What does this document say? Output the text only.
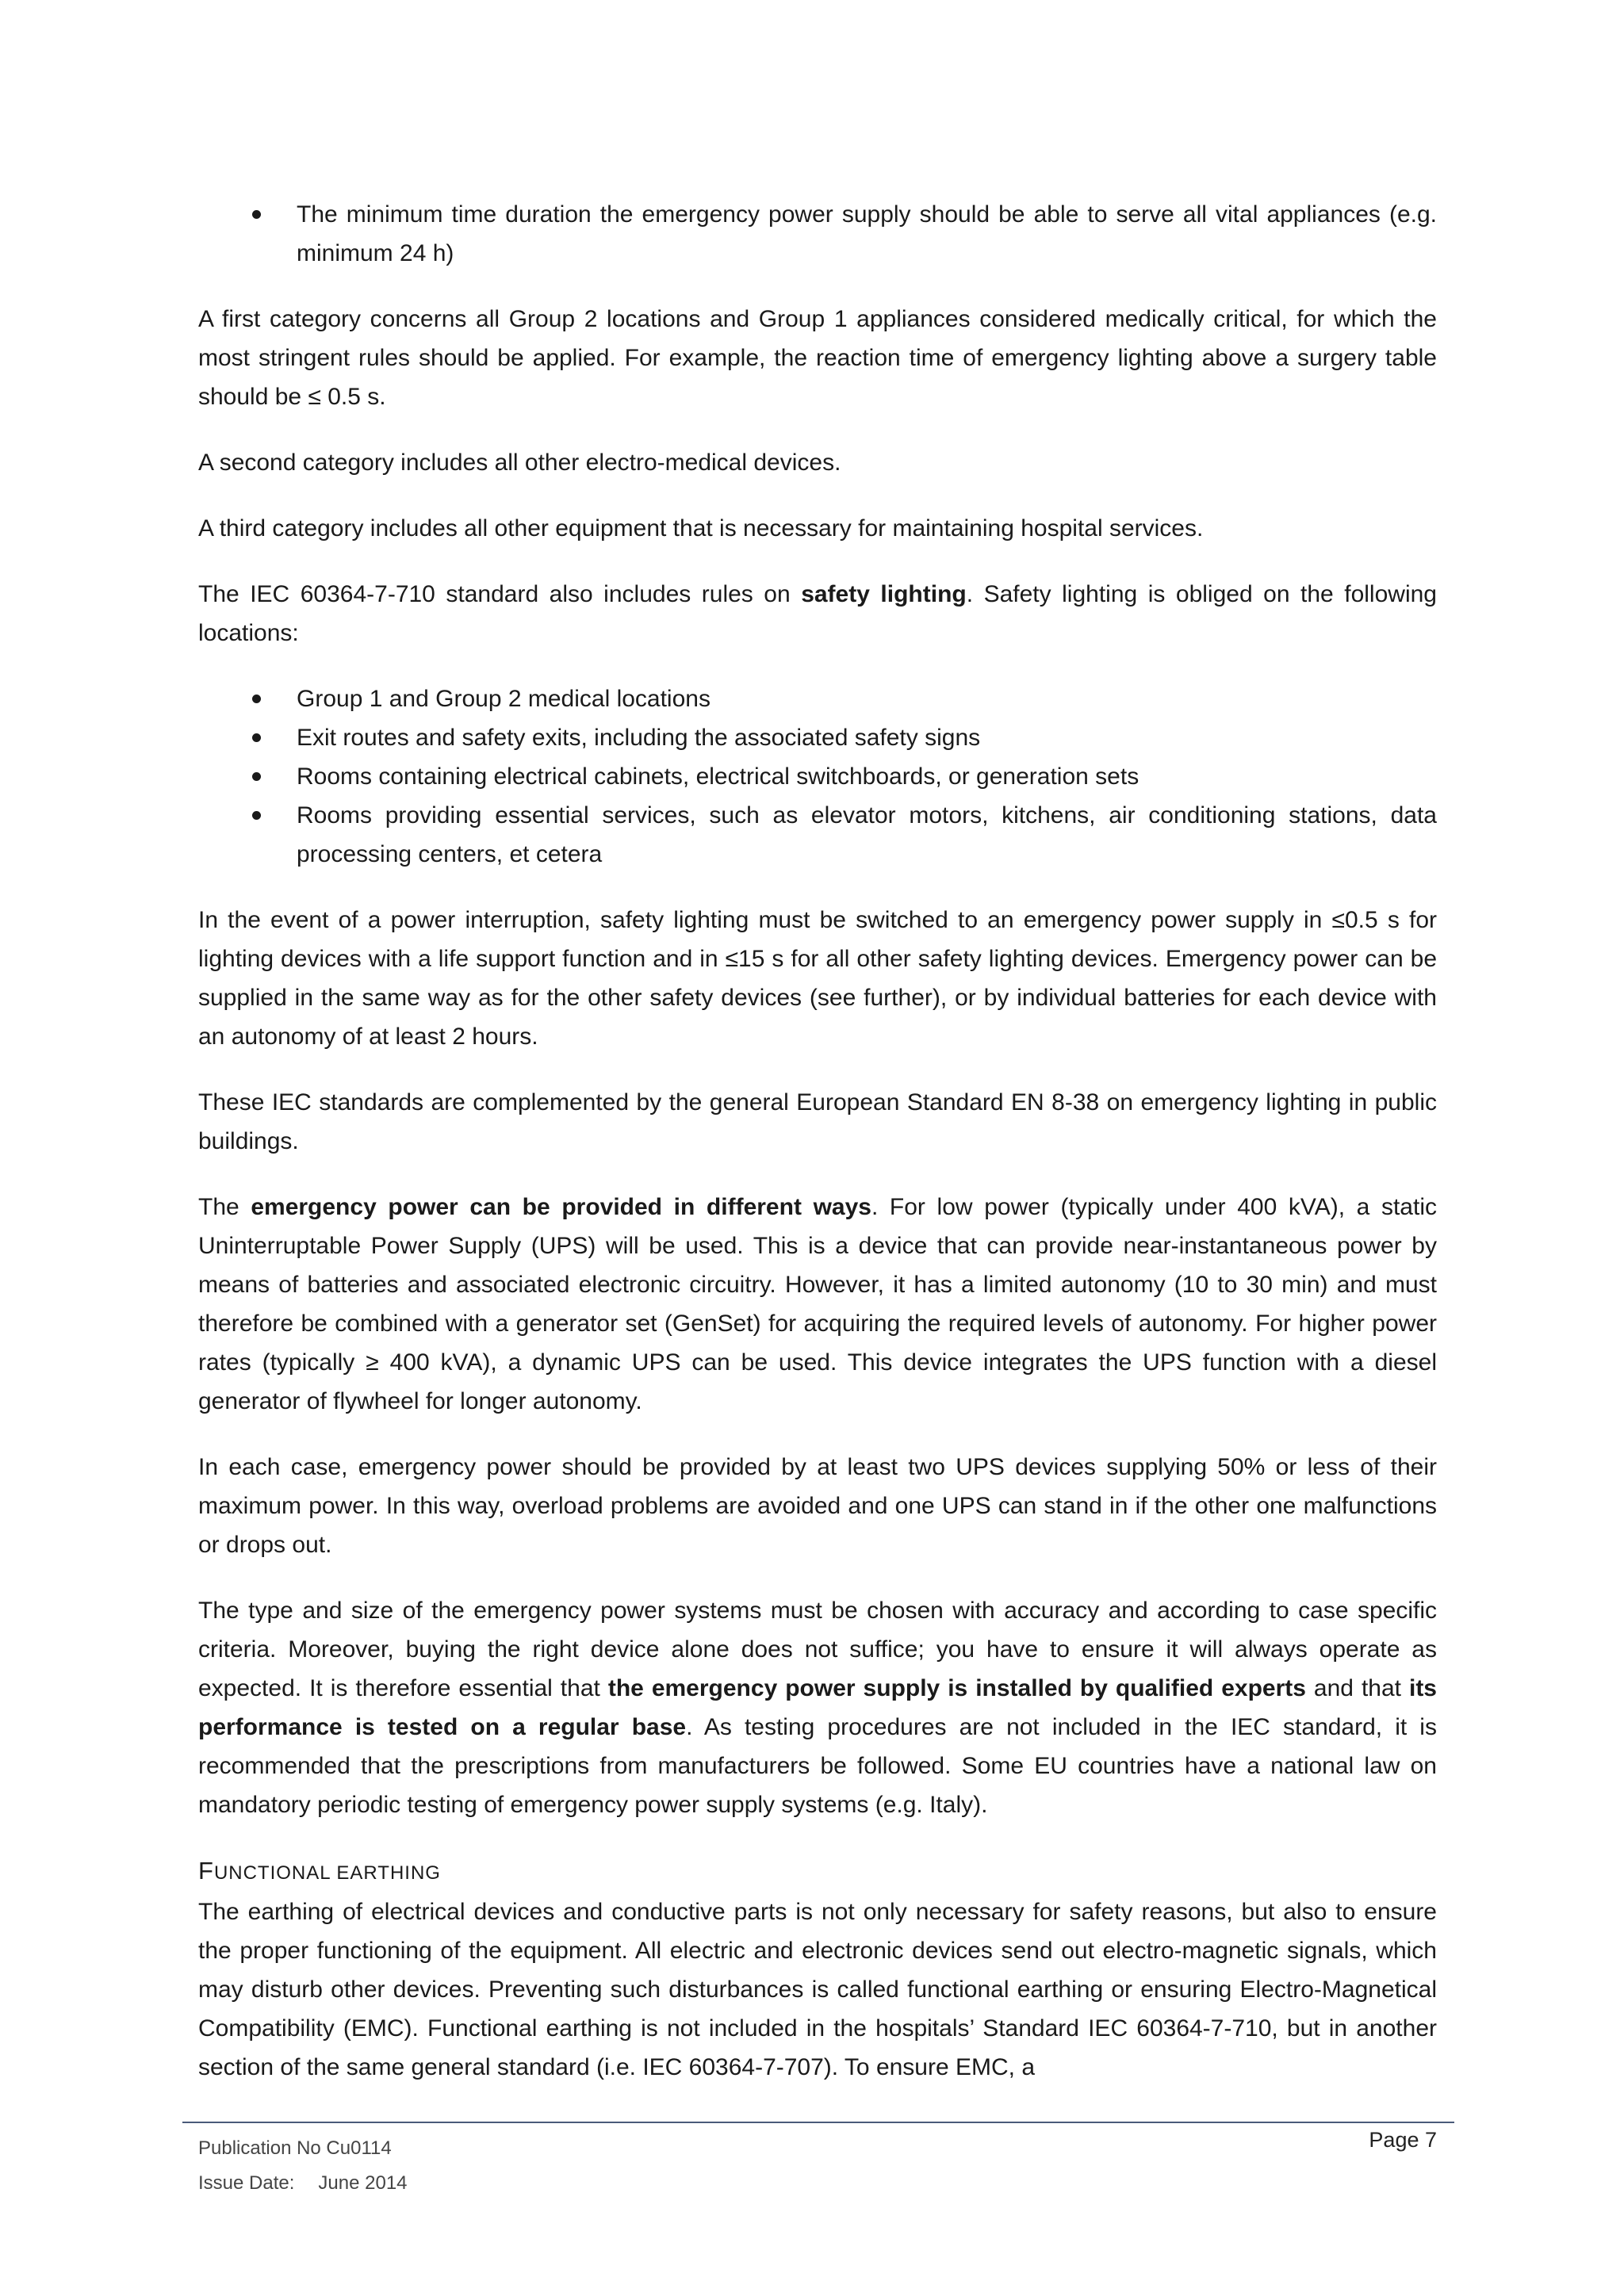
The minimum time duration the emergency power supply should be able to serve all vital appliances (e.g. minimum 24 h)

A first category concerns all Group 2 locations and Group 1 appliances considered medically critical, for which the most stringent rules should be applied. For example, the reaction time of emergency lighting above a surgery table should be ≤ 0.5 s.

A second category includes all other electro-medical devices.

A third category includes all other equipment that is necessary for maintaining hospital services.

The IEC 60364-7-710 standard also includes rules on safety lighting. Safety lighting is obliged on the following locations:

Group 1 and Group 2 medical locations
Exit routes and safety exits, including the associated safety signs
Rooms containing electrical cabinets, electrical switchboards, or generation sets
Rooms providing essential services, such as elevator motors, kitchens, air conditioning stations, data processing centers, et cetera

In the event of a power interruption, safety lighting must be switched to an emergency power supply in ≤0.5 s for lighting devices with a life support function and in ≤15 s for all other safety lighting devices. Emergency power can be supplied in the same way as for the other safety devices (see further), or by individual batteries for each device with an autonomy of at least 2 hours.

These IEC standards are complemented by the general European Standard EN 8-38 on emergency lighting in public buildings.

The emergency power can be provided in different ways. For low power (typically under 400 kVA), a static Uninterruptable Power Supply (UPS) will be used. This is a device that can provide near-instantaneous power by means of batteries and associated electronic circuitry. However, it has a limited autonomy (10 to 30 min) and must therefore be combined with a generator set (GenSet) for acquiring the required levels of autonomy. For higher power rates (typically ≥ 400 kVA), a dynamic UPS can be used. This device integrates the UPS function with a diesel generator of flywheel for longer autonomy.

In each case, emergency power should be provided by at least two UPS devices supplying 50% or less of their maximum power. In this way, overload problems are avoided and one UPS can stand in if the other one malfunctions or drops out.

The type and size of the emergency power systems must be chosen with accuracy and according to case specific criteria. Moreover, buying the right device alone does not suffice; you have to ensure it will always operate as expected. It is therefore essential that the emergency power supply is installed by qualified experts and that its performance is tested on a regular base. As testing procedures are not included in the IEC standard, it is recommended that the prescriptions from manufacturers be followed. Some EU countries have a national law on mandatory periodic testing of emergency power supply systems (e.g. Italy).

FUNCTIONAL EARTHING

The earthing of electrical devices and conductive parts is not only necessary for safety reasons, but also to ensure the proper functioning of the equipment. All electric and electronic devices send out electro-magnetic signals, which may disturb other devices. Preventing such disturbances is called functional earthing or ensuring Electro-Magnetical Compatibility (EMC). Functional earthing is not included in the hospitals’ Standard IEC 60364-7-710, but in another section of the same general standard (i.e. IEC 60364-7-707). To ensure EMC, a

Publication No Cu0114
Issue Date: June 2014
Page 7
